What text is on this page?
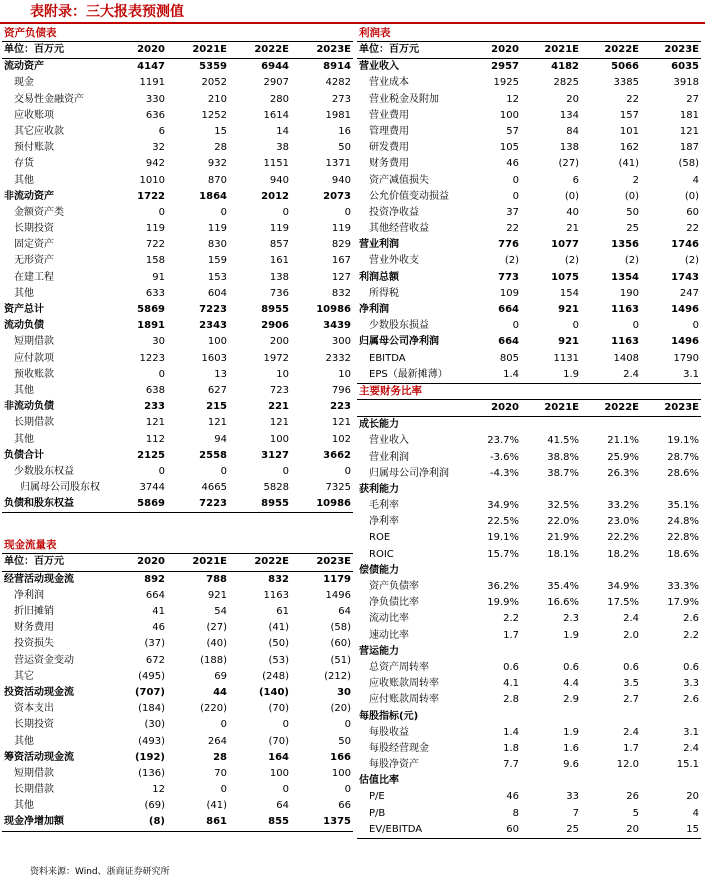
表附录：三大报表预测值
资产负债表
单位：百万元	2020	2021E	2022E	2023E
流动资产	4147	5359	6944	8914
现金	1191	2052	2907	4282
交易性金融资产	330	210	280	273
应收账项	636	1252	1614	1981
其它应收款	6	15	14	16
预付账款	32	28	38	50
存货	942	932	1151	1371
其他	1010	870	940	940
非流动资产	1722	1864	2012	2073
金额资产类	0	0	0	0
长期投资	119	119	119	119
固定资产	722	830	857	829
无形资产	158	159	161	167
在建工程	91	153	138	127
其他	633	604	736	832
资产总计	5869	7223	8955	10986
流动负债	1891	2343	2906	3439
短期借款	30	100	200	300
应付款项	1223	1603	1972	2332
预收账款	0	13	10	10
其他	638	627	723	796
非流动负债	233	215	221	223
长期借款	121	121	121	121
其他	112	94	100	102
负债合计	2125	2558	3127	3662
少数股东权益	0	0	0	0
归属母公司股东权	3744	4665	5828	7325
负债和股东权益	5869	7223	8955	10986
现金流量表
单位：百万元	2020	2021E	2022E	2023E
经营活动现金流	892	788	832	1179
净利润	664	921	1163	1496
折旧摊销	41	54	61	64
财务费用	46	(27)	(41)	(58)
投资损失	(37)	(40)	(50)	(60)
营运资金变动	672	(188)	(53)	(51)
其它	(495)	69	(248)	(212)
投资活动现金流	(707)	44	(140)	30
资本支出	(184)	(220)	(70)	(20)
长期投资	(30)	0	0	0
其他	(493)	264	(70)	50
筹资活动现金流	(192)	28	164	166
短期借款	(136)	70	100	100
长期借款	12	0	0	0
其他	(69)	(41)	64	66
现金净增加额	(8)	861	855	1375
利润表
单位：百万元	2020	2021E	2022E	2023E
营业收入	2957	4182	5066	6035
营业成本	1925	2825	3385	3918
营业税金及附加	12	20	22	27
营业费用	100	134	157	181
管理费用	57	84	101	121
研发费用	105	138	162	187
财务费用	46	(27)	(41)	(58)
资产减值损失	0	6	2	4
公允价值变动损益	0	(0)	(0)	(0)
投资净收益	37	40	50	60
其他经营收益	22	21	25	22
营业利润	776	1077	1356	1746
营业外收支	(2)	(2)	(2)	(2)
利润总额	773	1075	1354	1743
所得税	109	154	190	247
净利润	664	921	1163	1496
少数股东损益	0	0	0	0
归属母公司净利润	664	921	1163	1496
EBITDA	805	1131	1408	1790
EPS（最新摊薄）	1.4	1.9	2.4	3.1
主要财务比率
2020	2021E	2022E	2023E
成长能力
营业收入	23.7%	41.5%	21.1%	19.1%
营业利润	-3.6%	38.8%	25.9%	28.7%
归属母公司净利润	-4.3%	38.7%	26.3%	28.6%
获利能力
毛利率	34.9%	32.5%	33.2%	35.1%
净利率	22.5%	22.0%	23.0%	24.8%
ROE	19.1%	21.9%	22.2%	22.8%
ROIC	15.7%	18.1%	18.2%	18.6%
偿债能力
资产负债率	36.2%	35.4%	34.9%	33.3%
净负债比率	19.9%	16.6%	17.5%	17.9%
流动比率	2.2	2.3	2.4	2.6
速动比率	1.7	1.9	2.0	2.2
营运能力
总资产周转率	0.6	0.6	0.6	0.6
应收账款周转率	4.1	4.4	3.5	3.3
应付账款周转率	2.8	2.9	2.7	2.6
每股指标(元)
每股收益	1.4	1.9	2.4	3.1
每股经营现金	1.8	1.6	1.7	2.4
每股净资产	7.7	9.6	12.0	15.1
估值比率
P/E	46	33	26	20
P/B	8	7	5	4
EV/EBITDA	60	25	20	15
资料来源：Wind、浙商证券研究所
